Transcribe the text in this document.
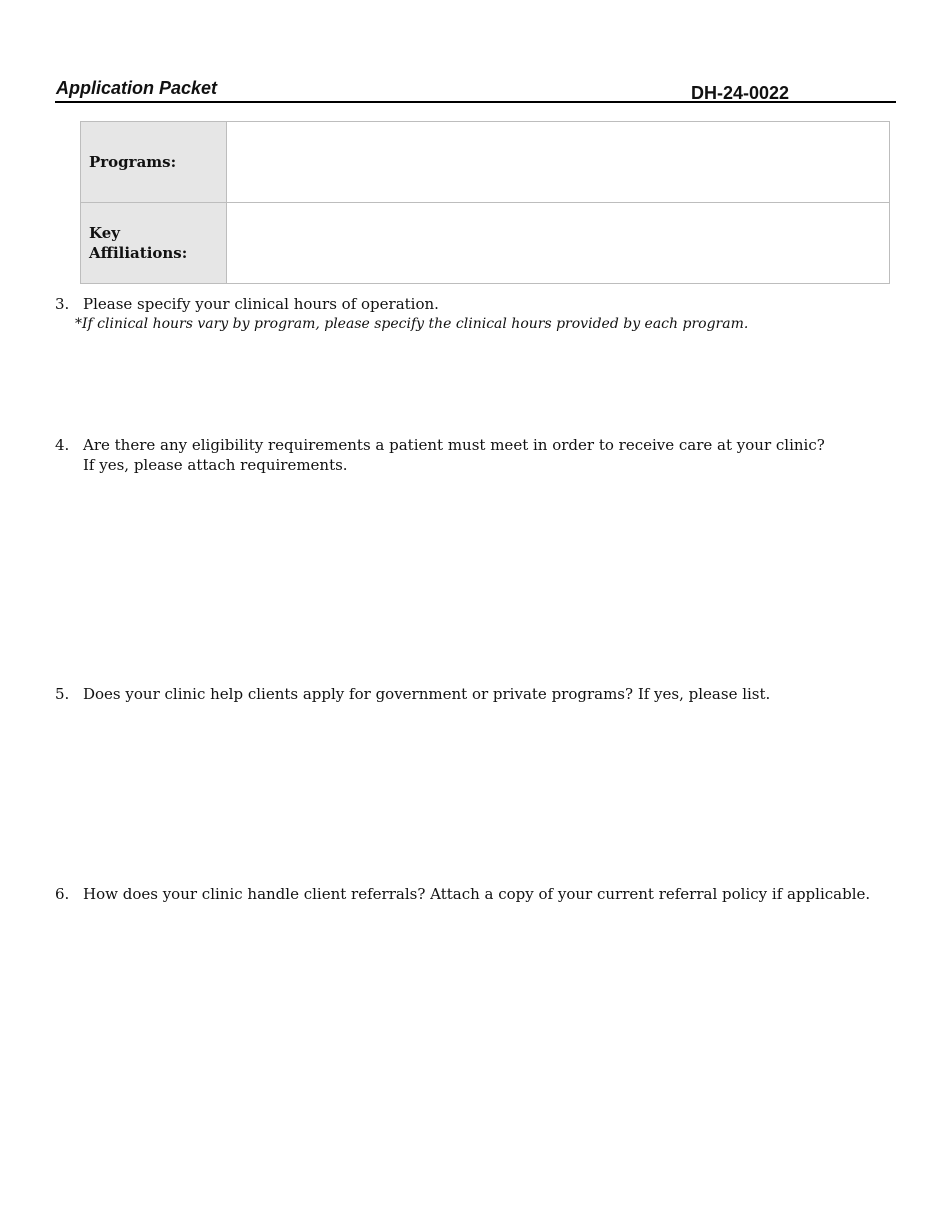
Application Packet	DH-24-0022
Programs:	
Key
Affiliations:	
3. Please specify your clinical hours of operation.
*If clinical hours vary by program, please specify the clinical hours provided by each program.
4. Are there any eligibility requirements a patient must meet in order to receive care at your clinic?
If yes, please attach requirements.
5. Does your clinic help clients apply for government or private programs? If yes, please list.
6. How does your clinic handle client referrals? Attach a copy of your current referral policy if applicable.
